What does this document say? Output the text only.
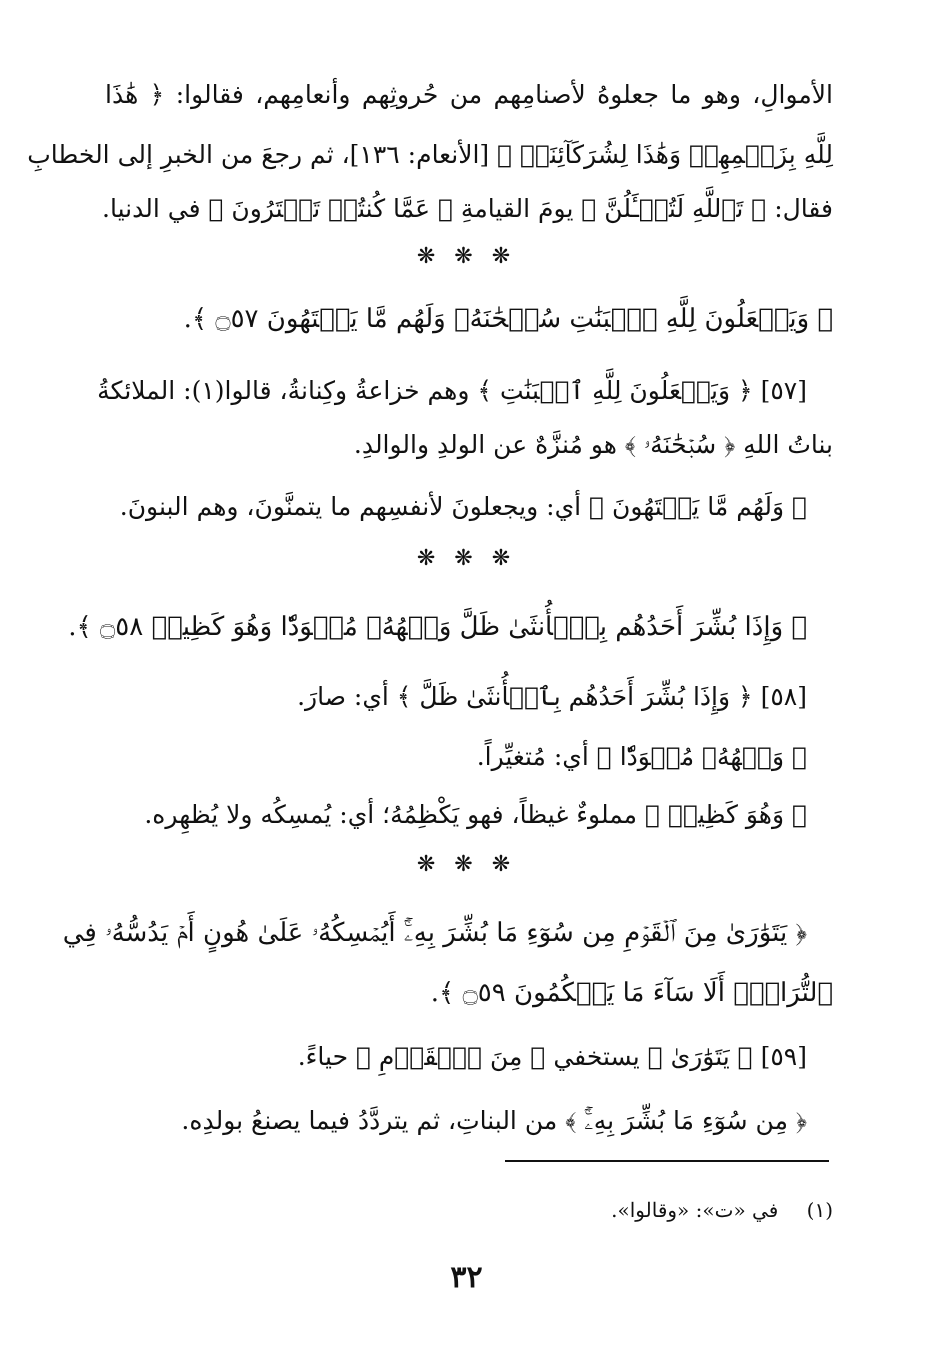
الأموالِ، وهو ما جعلوهُ لأصنامِهم من حُروثِهم وأنعامِهم، فقالوا: ﴿ هَٰذَا
لِلَّهِ بِزَعۡمِهِمۡ وَهَٰذَا لِشُرَكَآئِنَاۖ ﴾ [الأنعام: ١٣٦]، ثم رجعَ من الخبرِ إلى الخطابِ
فقال: ﴿ تَٱللَّهِ لَتُسۡـَٔلُنَّ ﴾ يومَ القيامةِ ﴿ عَمَّا كُنتُمۡ تَفۡتَرُونَ ﴾ في الدنيا.
❋ ❋ ❋
﴿ وَيَجۡعَلُونَ لِلَّهِ ٱلۡبَنَٰتِ سُبۡحَٰنَهُۥ وَلَهُم مَّا يَشۡتَهُونَ ۝٥٧ ﴾.
[٥٧] ﴿ وَيَجۡعَلُونَ لِلَّهِ ٱلۡبَنَٰتِ ﴾ وهم خزاعةُ وكِنانةُ، قالوا(١): الملائكةُ
بناتُ اللهِ ﴿ سُبۡحَٰنَهُۥ ﴾ هو مُنزَّهٌ عن الولدِ والوالدِ.
﴿ وَلَهُم مَّا يَشۡتَهُونَ ﴾ أي: ويجعلونَ لأنفسِهم ما يتمنَّونَ، وهم البنونَ.
❋ ❋ ❋
﴿ وَإِذَا بُشِّرَ أَحَدُهُم بِٱلۡأُنثَىٰ ظَلَّ وَجۡهُهُۥ مُسۡوَدّٗا وَهُوَ كَظِيمٞ ۝٥٨ ﴾.
[٥٨] ﴿ وَإِذَا بُشِّرَ أَحَدُهُم بِٱلۡأُنثَىٰ ظَلَّ ﴾ أي: صارَ.
﴿ وَجۡهُهُۥ مُسۡوَدّٗا ﴾ أي: مُتغيِّراً.
﴿ وَهُوَ كَظِيمٞ ﴾ مملوءٌ غيظاً، فهو يَكْظِمُهُ؛ أي: يُمسِكُه ولا يُظهِره.
❋ ❋ ❋
﴿ يَتَوَٰرَىٰ مِنَ ٱلۡقَوۡمِ مِن سُوٓءِ مَا بُشِّرَ بِهِۦٓۚ أَيُمۡسِكُهُۥ عَلَىٰ هُونٍ أَمۡ يَدُسُّهُۥ فِي
ٱلتُّرَابِۗ أَلَا سَآءَ مَا يَحۡكُمُونَ ۝٥٩ ﴾.
[٥٩] ﴿ يَتَوَٰرَىٰ ﴾ يستخفي ﴿ مِنَ ٱلۡقَوۡمِ ﴾ حياءً.
﴿ مِن سُوٓءِ مَا بُشِّرَ بِهِۦٓۚ ﴾ من البناتِ، ثم يتردَّدُ فيما يصنعُ بولدِه.
(١) في «ت»: «وقالوا».
٣٢
